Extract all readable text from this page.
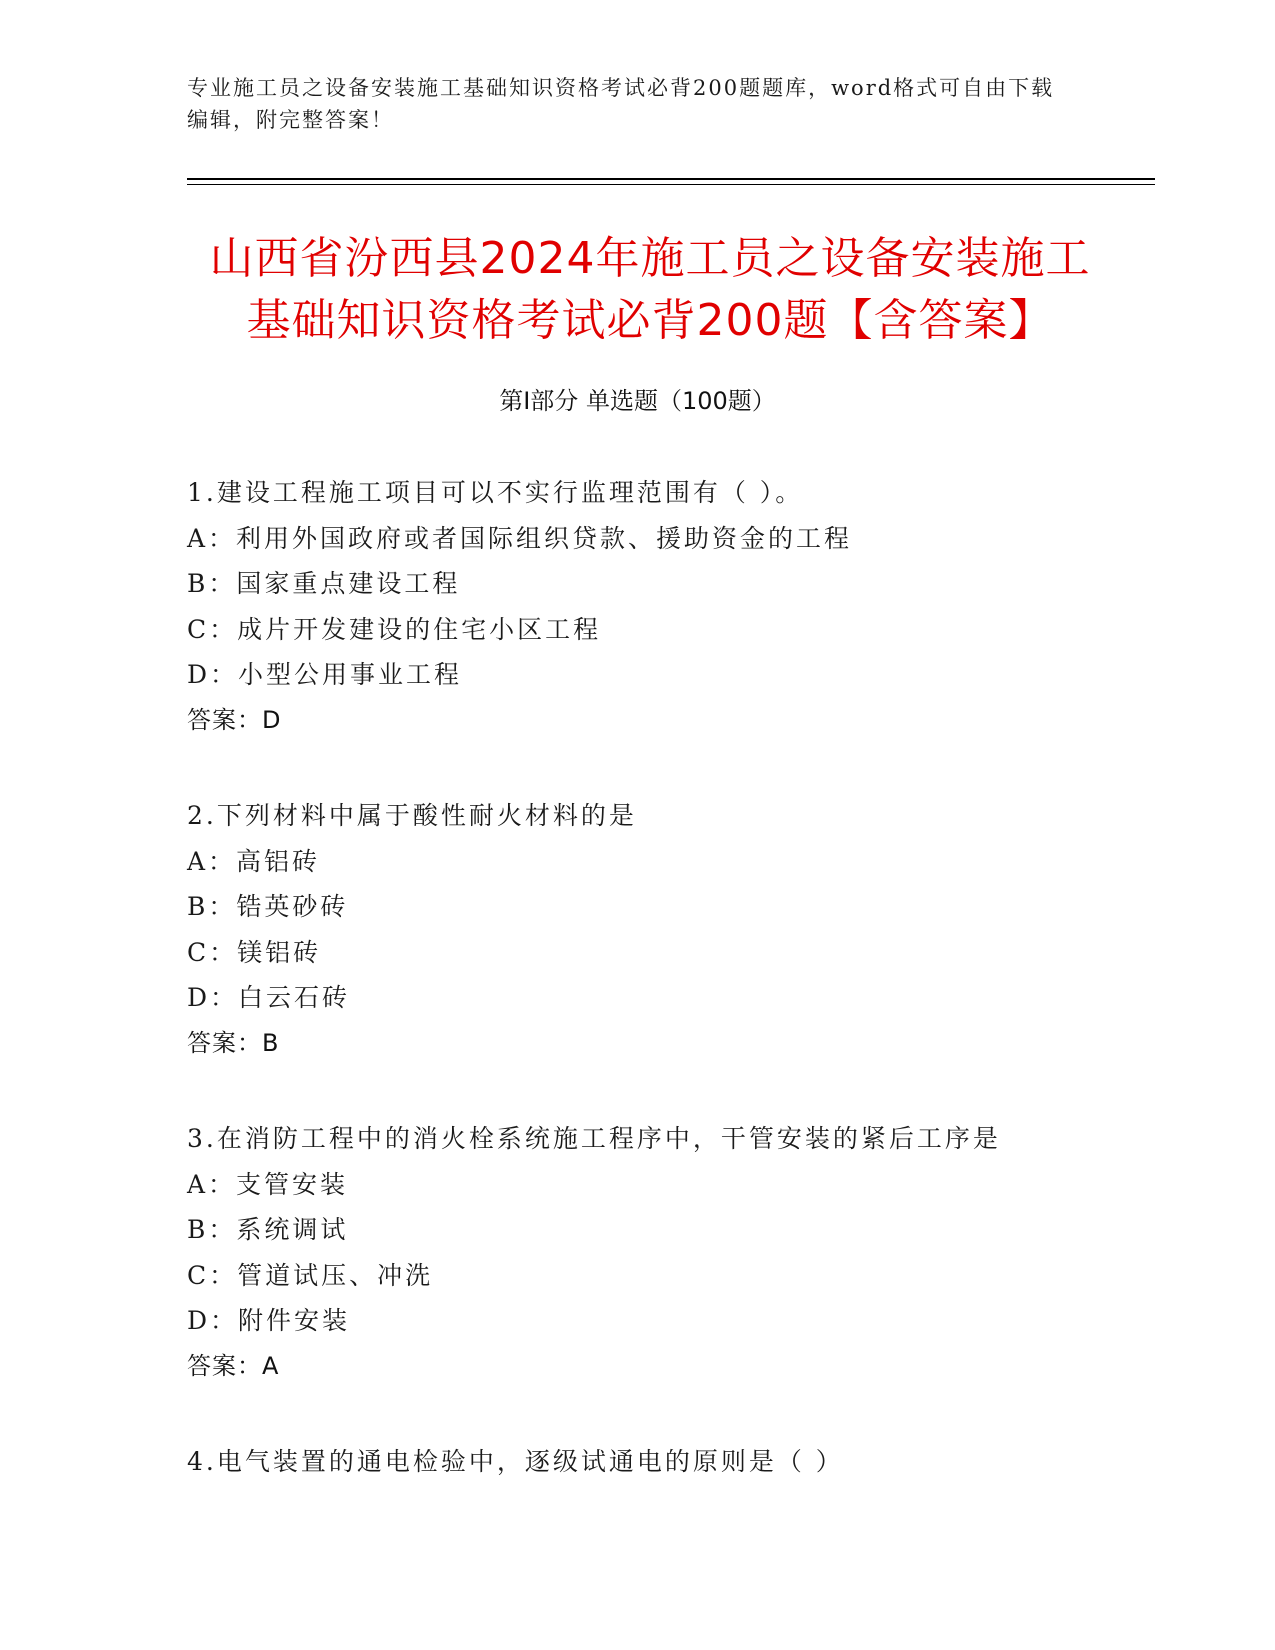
专业施工员之设备安装施工基础知识资格考试必背200题题库，word格式可自由下载编辑，附完整答案！
山西省汾西县2024年施工员之设备安装施工
基础知识资格考试必背200题【含答案】
第Ⅰ部分 单选题（100题）
1.建设工程施工项目可以不实行监理范围有（ ）。
A：利用外国政府或者国际组织贷款、援助资金的工程
B：国家重点建设工程
C：成片开发建设的住宅小区工程
D：小型公用事业工程
答案：D
2.下列材料中属于酸性耐火材料的是
A：高铝砖
B：锆英砂砖
C：镁铝砖
D：白云石砖
答案：B
3.在消防工程中的消火栓系统施工程序中，干管安装的紧后工序是
A：支管安装
B：系统调试
C：管道试压、冲洗
D：附件安装
答案：A
4.电气装置的通电检验中，逐级试通电的原则是（ ）
